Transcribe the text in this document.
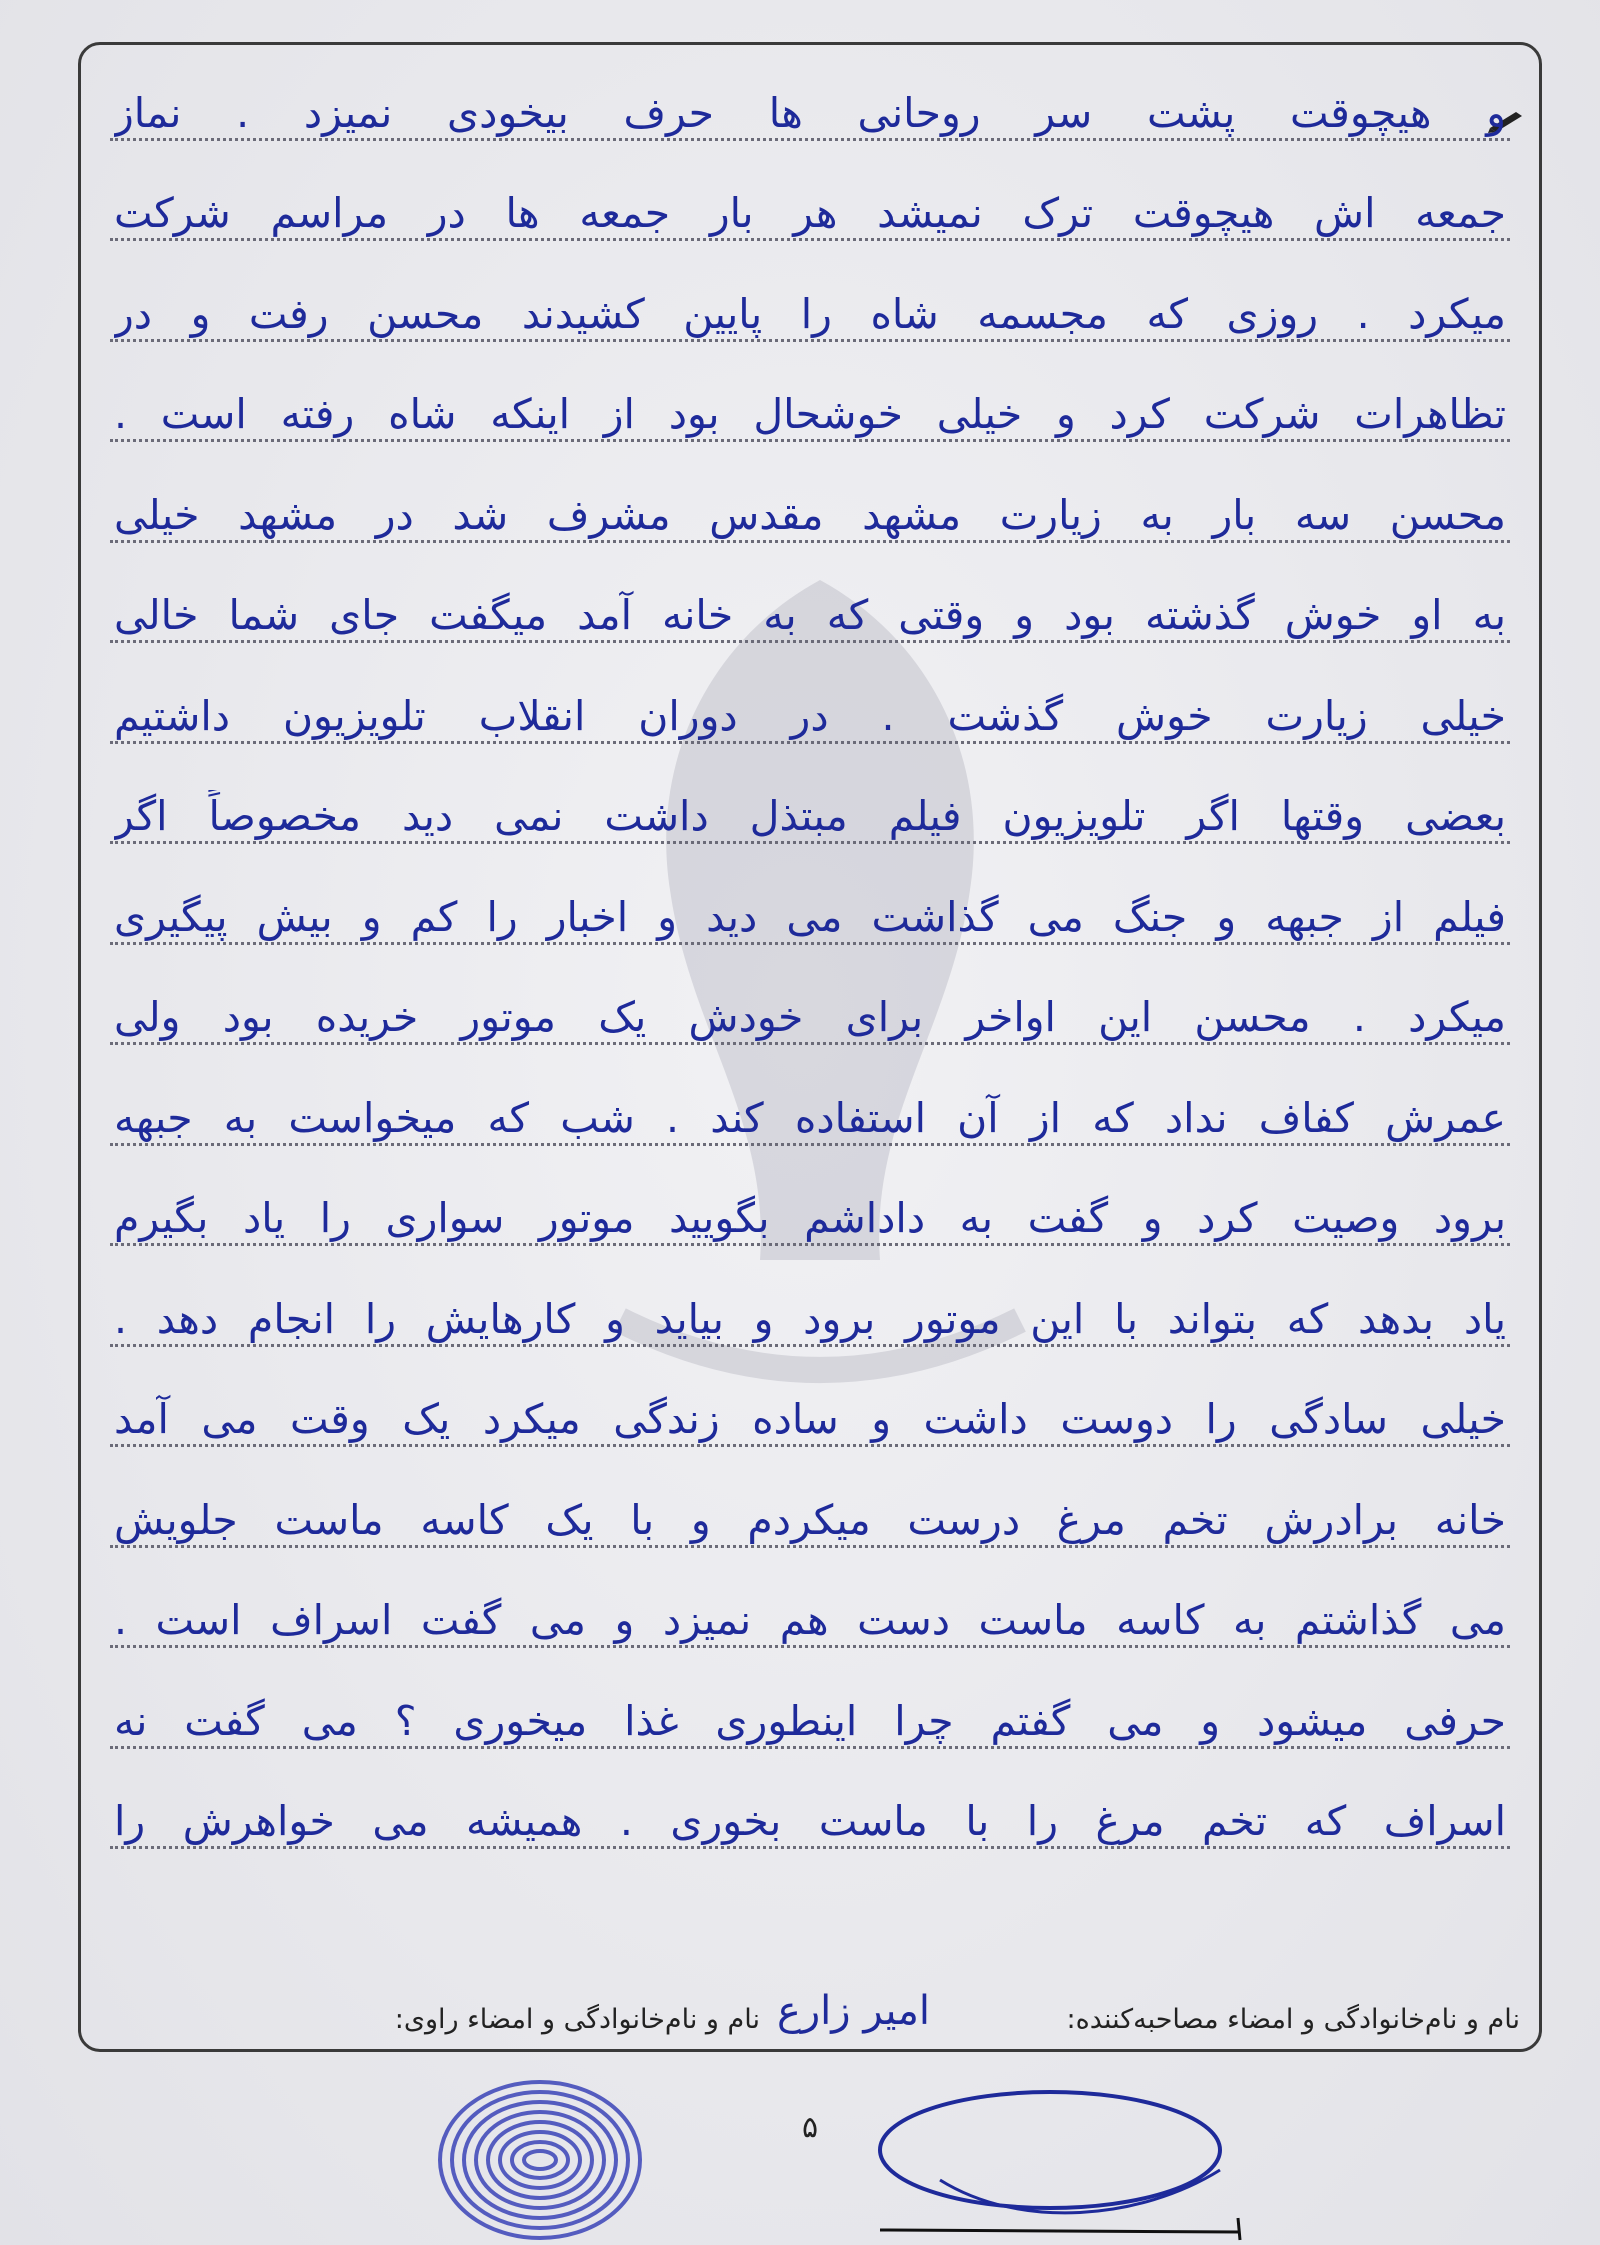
و هیچوقت پشت سر روحانی ها حرف بیخودی نمیزد . نماز
جمعه اش هیچوقت ترک نمیشد هر بار جمعه ها در مراسم شرکت
میکرد . روزی که مجسمه شاه را پایین کشیدند محسن رفت و در
تظاهرات شرکت کرد و خیلی خوشحال بود از اینکه شاه رفته است .
محسن سه بار به زیارت مشهد مقدس مشرف شد در مشهد خیلی
به او خوش گذشته بود و وقتی که به خانه آمد میگفت جای شما خالی
خیلی زیارت خوش گذشت . در دوران انقلاب تلویزیون داشتیم
بعضی وقتها اگر تلویزیون فیلم مبتذل داشت نمی دید مخصوصاً اگر
فیلم از جبهه و جنگ می گذاشت می دید و اخبار را کم و بیش پیگیری
میکرد . محسن این اواخر برای خودش یک موتور خریده بود ولی
عمرش کفاف نداد که از آن استفاده کند . شب که میخواست به جبهه
برود وصیت کرد و گفت به داداشم بگویید موتور سواری را یاد بگیرم
یاد بدهد که بتواند با این موتور برود و بیاید و کارهایش را انجام دهد .
خیلی سادگی را دوست داشت و ساده زندگی میکرد یک وقت می آمد
خانه برادرش تخم مرغ درست میکردم و با یک کاسه ماست جلویش
می گذاشتم به کاسه ماست دست هم نمیزد و می گفت اسراف است .
حرفی میشود و می گفتم چرا اینطوری غذا میخوری ؟ می گفت نه
اسراف که تخم مرغ را با ماست بخوری . همیشه می خواهرش را
نام و نام‌خانوادگی و امضاء مصاحبه‌کننده:
امیر زارع
نام و نام‌خانوادگی و امضاء راوی:
۵
